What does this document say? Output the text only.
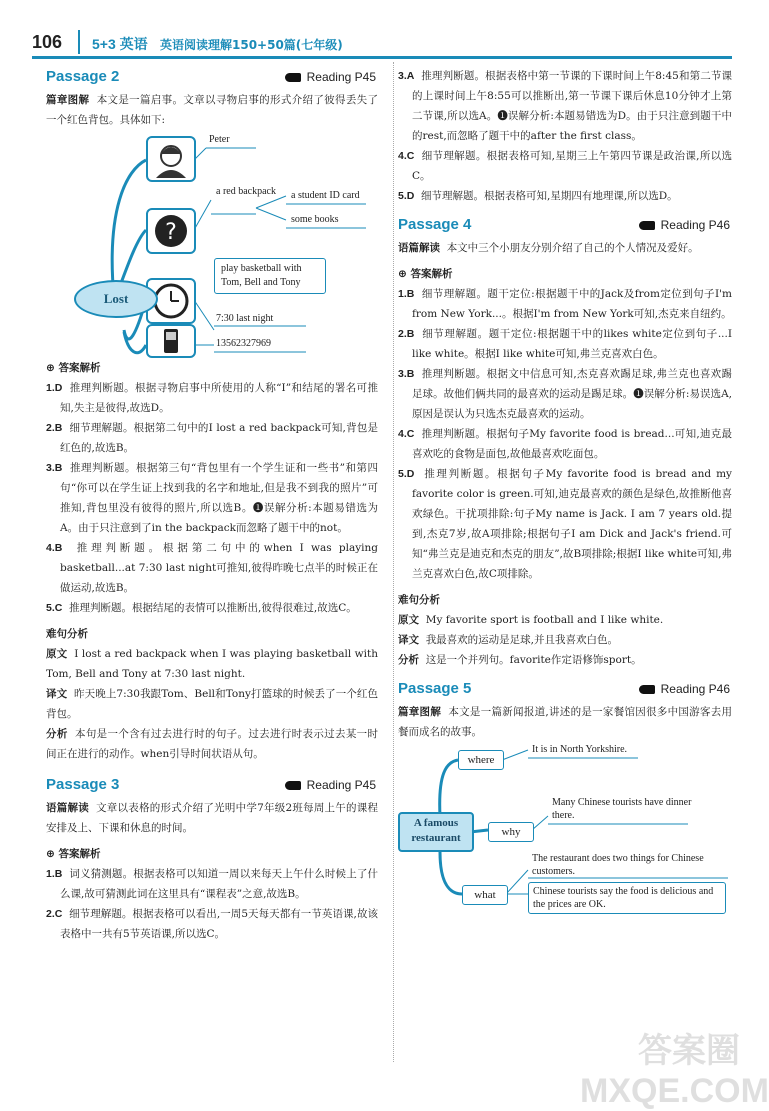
106 5+3 英语 英语阅读理解150+50篇(七年级)
Passage 2	Reading P45
篇章图解 本文是一篇启事。文章以寻物启事的形式介绍了彼得丢失了一个红色背包。具体如下:
?
Lost
Peter
a red backpack a student ID card
some books
play basketball with Tom, Bell and Tony
7:30 last night
13562327969
⊕ 答案解析
1.D 推理判断题。根据寻物启事中所使用的人称“I”和结尾的署名可推知,失主是彼得,故选D。
2.B 细节理解题。根据第二句中的I lost a red backpack可知,背包是红色的,故选B。
3.B 推理判断题。根据第三句“背包里有一个学生证和一些书”和第四句“你可以在学生证上找到我的名字和地址,但是我不到我的照片”可推知,背包里没有彼得的照片,所以选B。❶误解分析:本题易错选为A。由于只注意到了in the backpack而忽略了题干中的not。
4.B 推理判断题。根据第二句中的when I was playing basketball...at 7:30 last night可推知,彼得昨晚七点半的时候正在做运动,故选B。
5.C 推理判断题。根据结尾的表情可以推断出,彼得很难过,故选C。
难句分析
原文 I lost a red backpack when I was playing basketball with Tom, Bell and Tony at 7:30 last night.
译文 昨天晚上7:30我跟Tom、Bell和Tony打篮球的时候丢了一个红色背包。
分析 本句是一个含有过去进行时的句子。过去进行时表示过去某一时间正在进行的动作。when引导时间状语从句。
Passage 3	Reading P45
语篇解读 文章以表格的形式介绍了光明中学7年级2班每周上午的课程安排及上、下课和休息的时间。
⊕ 答案解析
1.B 词义猜测题。根据表格可以知道一周以来每天上午什么时候上了什么课,故可猜测此词在这里具有“课程表”之意,故选B。
2.C 细节理解题。根据表格可以看出,一周5天每天都有一节英语课,故该表格中一共有5节英语课,所以选C。
3.A 推理判断题。根据表格中第一节课的下课时间上午8:45和第二节课的上课时间上午8:55可以推断出,第一节课下课后休息10分钟才上第二节课,所以选A。❶误解分析:本题易错选为D。由于只注意到题干中的rest,而忽略了题干中的after the first class。
4.C 细节理解题。根据表格可知,星期三上午第四节课是政治课,所以选C。
5.D 细节理解题。根据表格可知,星期四有地理课,所以选D。
Passage 4	Reading P46
语篇解读 本文中三个小朋友分别介绍了自己的个人情况及爱好。
⊕ 答案解析
1.B 细节理解题。题干定位:根据题干中的Jack及from定位到句子I'm from New York...。根据I'm from New York可知,杰克来自纽约。
2.B 细节理解题。题干定位:根据题干中的likes white定位到句子...I like white。根据I like white可知,弗兰克喜欢白色。
3.B 推理判断题。根据文中信息可知,杰克喜欢踢足球,弗兰克也喜欢踢足球。故他们俩共同的最喜欢的运动是踢足球。❶误解分析:易误选A,原因是误认为只选杰克最喜欢的运动。
4.C 推理判断题。根据句子My favorite food is bread...可知,迪克最喜欢吃的食物是面包,故他最喜欢吃面包。
5.D 推理判断题。根据句子My favorite food is bread and my favorite color is green.可知,迪克最喜欢的颜色是绿色,故推断他喜欢绿色。干扰项排除:句子My name is Jack. I am 7 years old.提到,杰克7岁,故A项排除;根据句子I am Dick and Jack's friend.可知“弗兰克是迪克和杰克的朋友”,故B项排除;根据I like white可知,弗兰克喜欢白色,故C项排除。
难句分析
原文 My favorite sport is football and I like white.
译文 我最喜欢的运动是足球,并且我喜欢白色。
分析 这是一个并列句。favorite作定语修饰sport。
Passage 5	Reading P46
篇章图解 本文是一篇新闻报道,讲述的是一家餐馆因很多中国游客去用餐而成名的故事。
where
It is in North Yorkshire.
A famous restaurant	why
Many Chinese tourists have dinner there.
The restaurant does two things for Chinese customers.
what	Chinese tourists say the food is delicious and the prices are OK.
答案圈 MXQE.COM
